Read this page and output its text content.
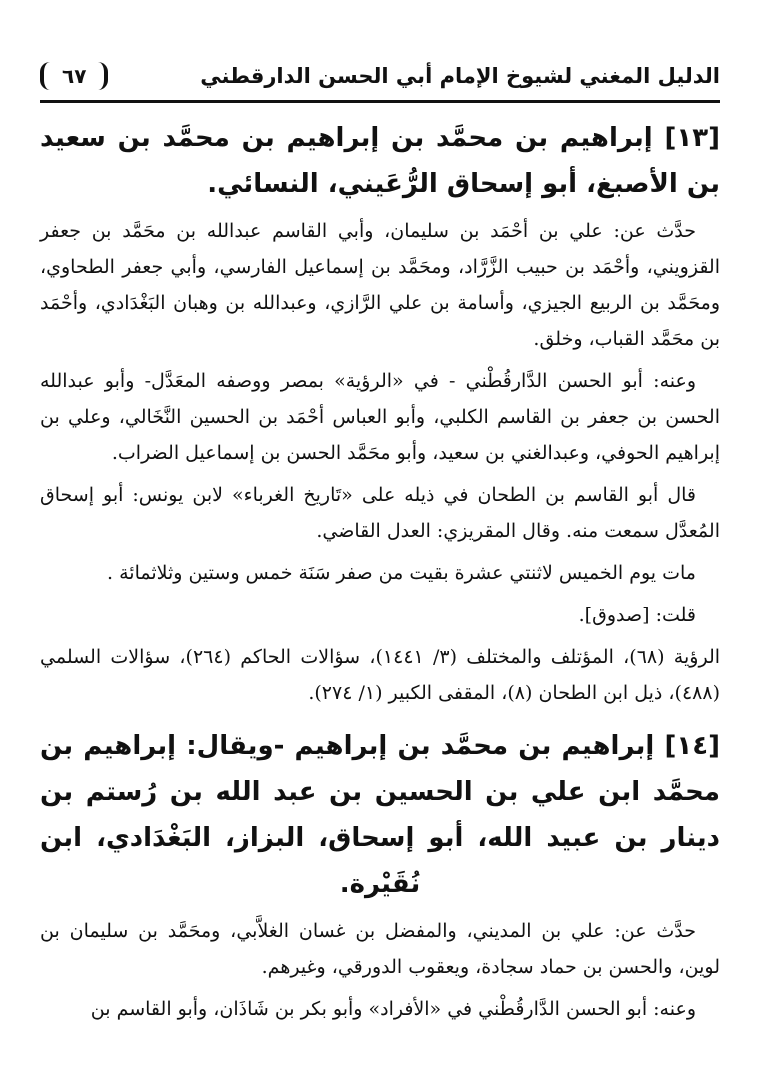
الدليل المغني لشيوخ الإمام أبي الحسن الدارقطني
٦٧
[١٣] إبراهيم بن محمَّد بن إبراهيم بن محمَّد بن سعيد بن الأصبغ، أبو إسحاق الرُّعَيني، النسائي.

حدَّث عن: علي بن أحْمَد بن سليمان، وأبي القاسم عبدالله بن محَمَّد بن جعفر القزويني، وأحْمَد بن حبيب الزَّرَّاد، ومحَمَّد بن إسماعيل الفارسي، وأبي جعفر الطحاوي، ومحَمَّد بن الربيع الجيزي، وأسامة بن علي الرَّازي، وعبدالله بن وهبان البَغْدَادي، وأحْمَد بن محَمَّد القباب، وخلق.

وعنه: أبو الحسن الدَّارقُطْني - في «الرؤية» بمصر ووصفه المعَدَّل- وأبو عبدالله الحسن بن جعفر بن القاسم الكلبي، وأبو العباس أحْمَد بن الحسين النَّخَالي، وعلي بن إبراهيم الحوفي، وعبدالغني بن سعيد، وأبو محَمَّد الحسن بن إسماعيل الضراب.

قال أبو القاسم بن الطحان في ذيله على «تَاريخ الغرباء» لابن يونس: أبو إسحاق المُعدَّل سمعت منه. وقال المقريزي: العدل القاضي.

مات يوم الخميس لاثنتي عشرة بقيت من صفر سَنَة خمس وستين وثلاثمائة .

قلت: [صدوق].

الرؤية (٦٨)، المؤتلف والمختلف (٣/ ١٤٤١)، سؤالات الحاكم (٢٦٤)، سؤالات السلمي (٤٨٨)، ذيل ابن الطحان (٨)، المقفى الكبير (١/ ٢٧٤).

[١٤] إبراهيم بن محمَّد بن إبراهيم -ويقال: إبراهيم بن محمَّد ابن علي بن الحسين بن عبد الله بن رُستم بن دينار بن عبيد الله، أبو إسحاق، البزاز، البَغْدَادي، ابن نُقَيْرة.

حدَّث عن: علي بن المديني، والمفضل بن غسان الغلاَّبي، ومحَمَّد بن سليمان بن لوين، والحسن بن حماد سجادة، ويعقوب الدورقي، وغيرهم.

وعنه: أبو الحسن الدَّارقُطْني في «الأفراد» وأبو بكر بن شَاذَان، وأبو القاسم بن
